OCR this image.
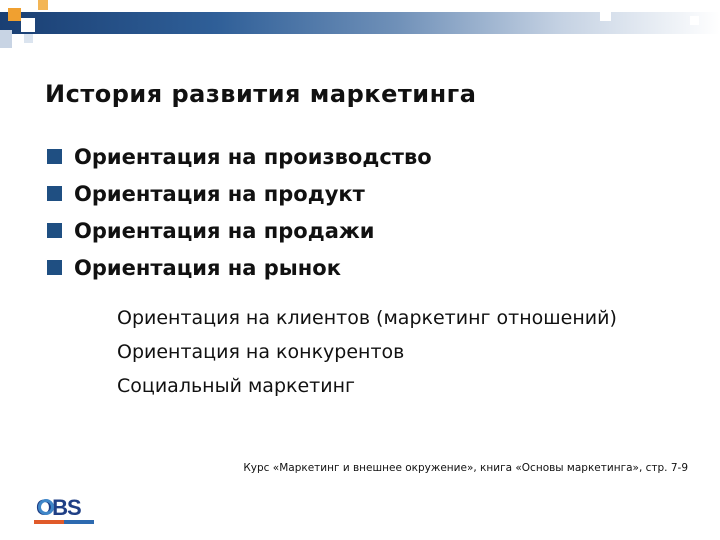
История развития маркетинга
Ориентация на производство
Ориентация на продукт
Ориентация на продажи
Ориентация на рынок
Ориентация на клиентов (маркетинг отношений)
Ориентация на конкурентов
Социальный маркетинг
Курс «Маркетинг и внешнее окружение», книга «Основы маркетинга», стр. 7-9
OBS
